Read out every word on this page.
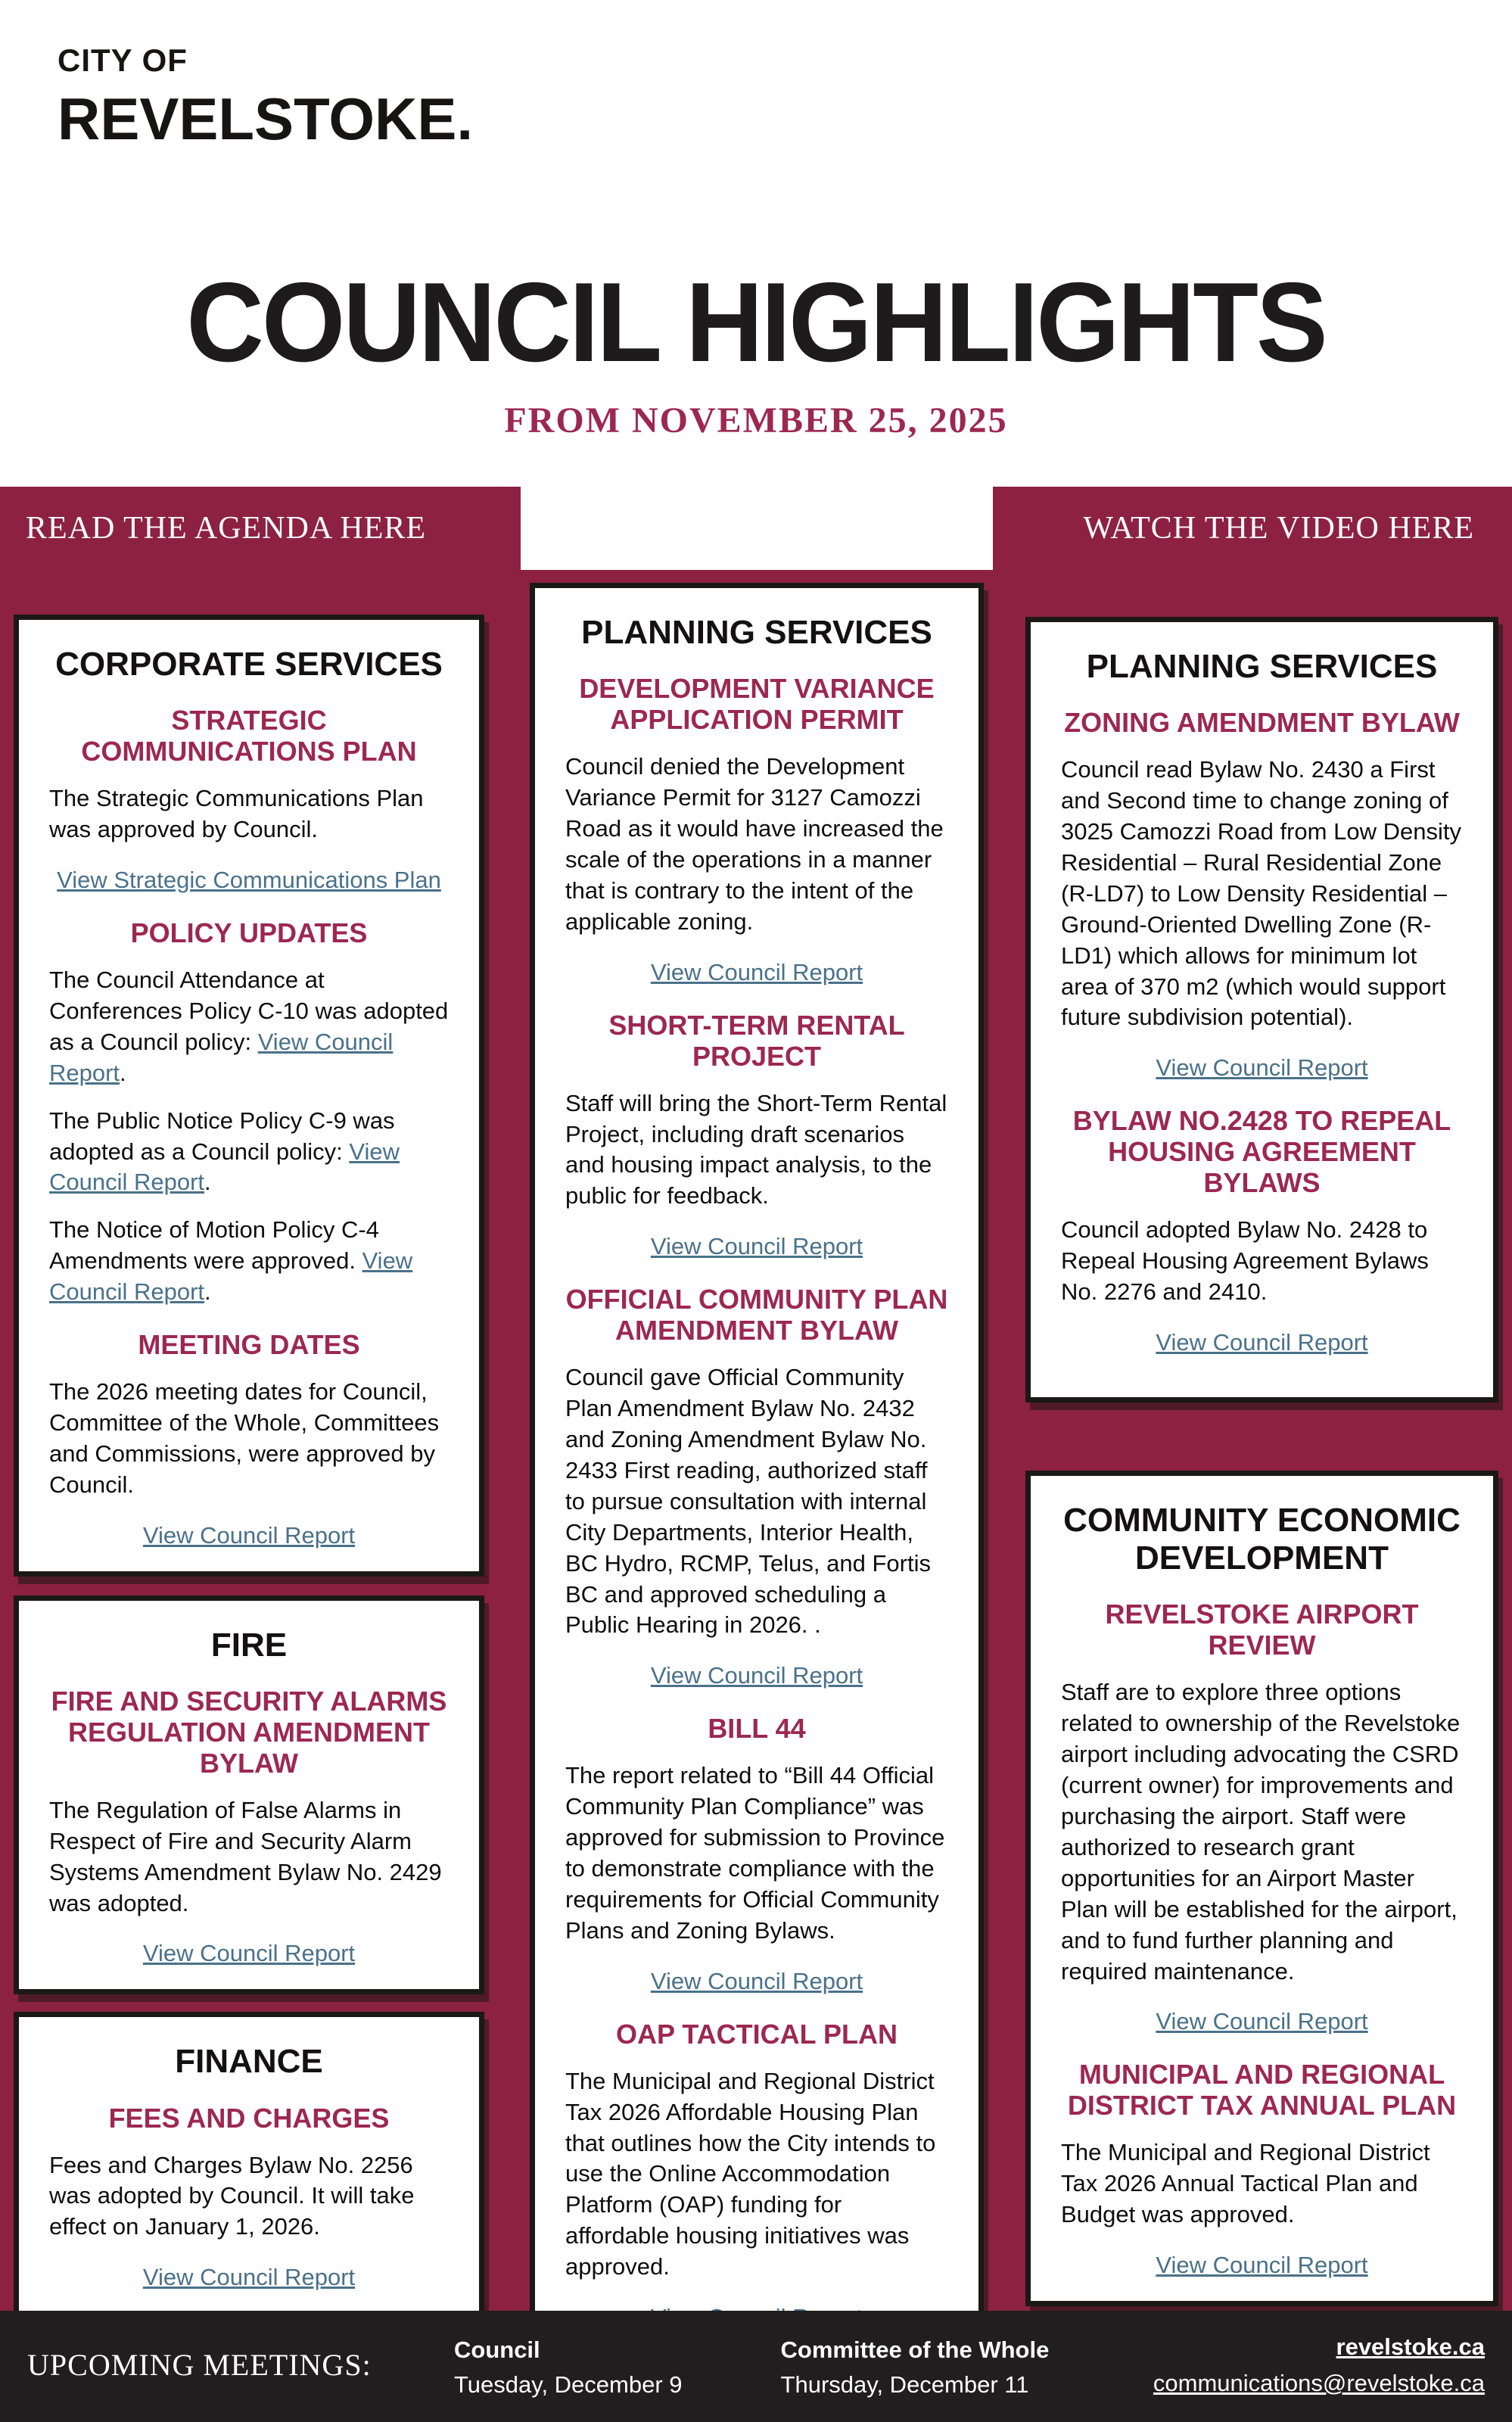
CITY OF
REVELSTOKE.
COUNCIL HIGHLIGHTS
FROM NOVEMBER 25, 2025
READ THE AGENDA HERE	WATCH THE VIDEO HERE
CORPORATE SERVICES
STRATEGIC COMMUNICATIONS PLAN

The Strategic Communications Plan was approved by Council.

View Strategic Communications Plan
POLICY UPDATES

The Council Attendance at Conferences Policy C-10 was adopted as a Council policy: View Council Report.

The Public Notice Policy C-9 was adopted as a Council policy: View Council Report.

The Notice of Motion Policy C-4 Amendments were approved. View Council Report.

MEETING DATES

The 2026 meeting dates for Council, Committee of the Whole, Committees and Commissions, were approved by Council.

View Council Report
FIRE
FIRE AND SECURITY ALARMS REGULATION AMENDMENT BYLAW

The Regulation of False Alarms in Respect of Fire and Security Alarm Systems Amendment Bylaw No. 2429 was adopted.

View Council Report
FINANCE
FEES AND CHARGES

Fees and Charges Bylaw No. 2256 was adopted by Council. It will take effect on January 1, 2026.

View Council Report
PLANNING SERVICES
DEVELOPMENT VARIANCE APPLICATION PERMIT

Council denied the Development Variance Permit for 3127 Camozzi Road as it would have increased the scale of the operations in a manner that is contrary to the intent of the applicable zoning.

View Council Report
SHORT-TERM RENTAL PROJECT

Staff will bring the Short-Term Rental Project, including draft scenarios and housing impact analysis, to the public for feedback.

View Council Report
OFFICIAL COMMUNITY PLAN AMENDMENT BYLAW

Council gave Official Community Plan Amendment Bylaw No. 2432 and Zoning Amendment Bylaw No. 2433 First reading, authorized staff to pursue consultation with internal City Departments, Interior Health, BC Hydro, RCMP, Telus, and Fortis BC and approved scheduling a Public Hearing in 2026. .

View Council Report
BILL 44

The report related to “Bill 44 Official Community Plan Compliance” was approved for submission to Province to demonstrate compliance with the requirements for Official Community Plans and Zoning Bylaws.

View Council Report
OAP TACTICAL PLAN

The Municipal and Regional District Tax 2026 Affordable Housing Plan that outlines how the City intends to use the Online Accommodation Platform (OAP) funding for affordable housing initiatives was approved.

PLANNING SERVICES
ZONING AMENDMENT BYLAW

Council read Bylaw No. 2430 a First and Second time to change zoning of 3025 Camozzi Road from Low Density Residential – Rural Residential Zone (R-LD7) to Low Density Residential – Ground-Oriented Dwelling Zone (R-LD1) which allows for minimum lot area of 370 m2 (which would support future subdivision potential).

View Council Report
BYLAW NO.2428 TO REPEAL HOUSING AGREEMENT BYLAWS

Council adopted Bylaw No. 2428 to Repeal Housing Agreement Bylaws No. 2276 and 2410.

View Council Report
COMMUNITY ECONOMIC DEVELOPMENT
REVELSTOKE AIRPORT REVIEW

Staff are to explore three options related to ownership of the Revelstoke airport including advocating the CSRD (current owner) for improvements and purchasing the airport. Staff were authorized to research grant opportunities for an Airport Master Plan will be established for the airport, and to fund further planning and required maintenance.

View Council Report
MUNICIPAL AND REGIONAL DISTRICT TAX ANNUAL PLAN

The Municipal and Regional District Tax 2026 Annual Tactical Plan and Budget was approved.

View Council Report
UPCOMING MEETINGS:	Council
Tuesday, December 9
Committee of the Whole
Thursday, December 11
revelstoke.ca
communications@revelstoke.ca
